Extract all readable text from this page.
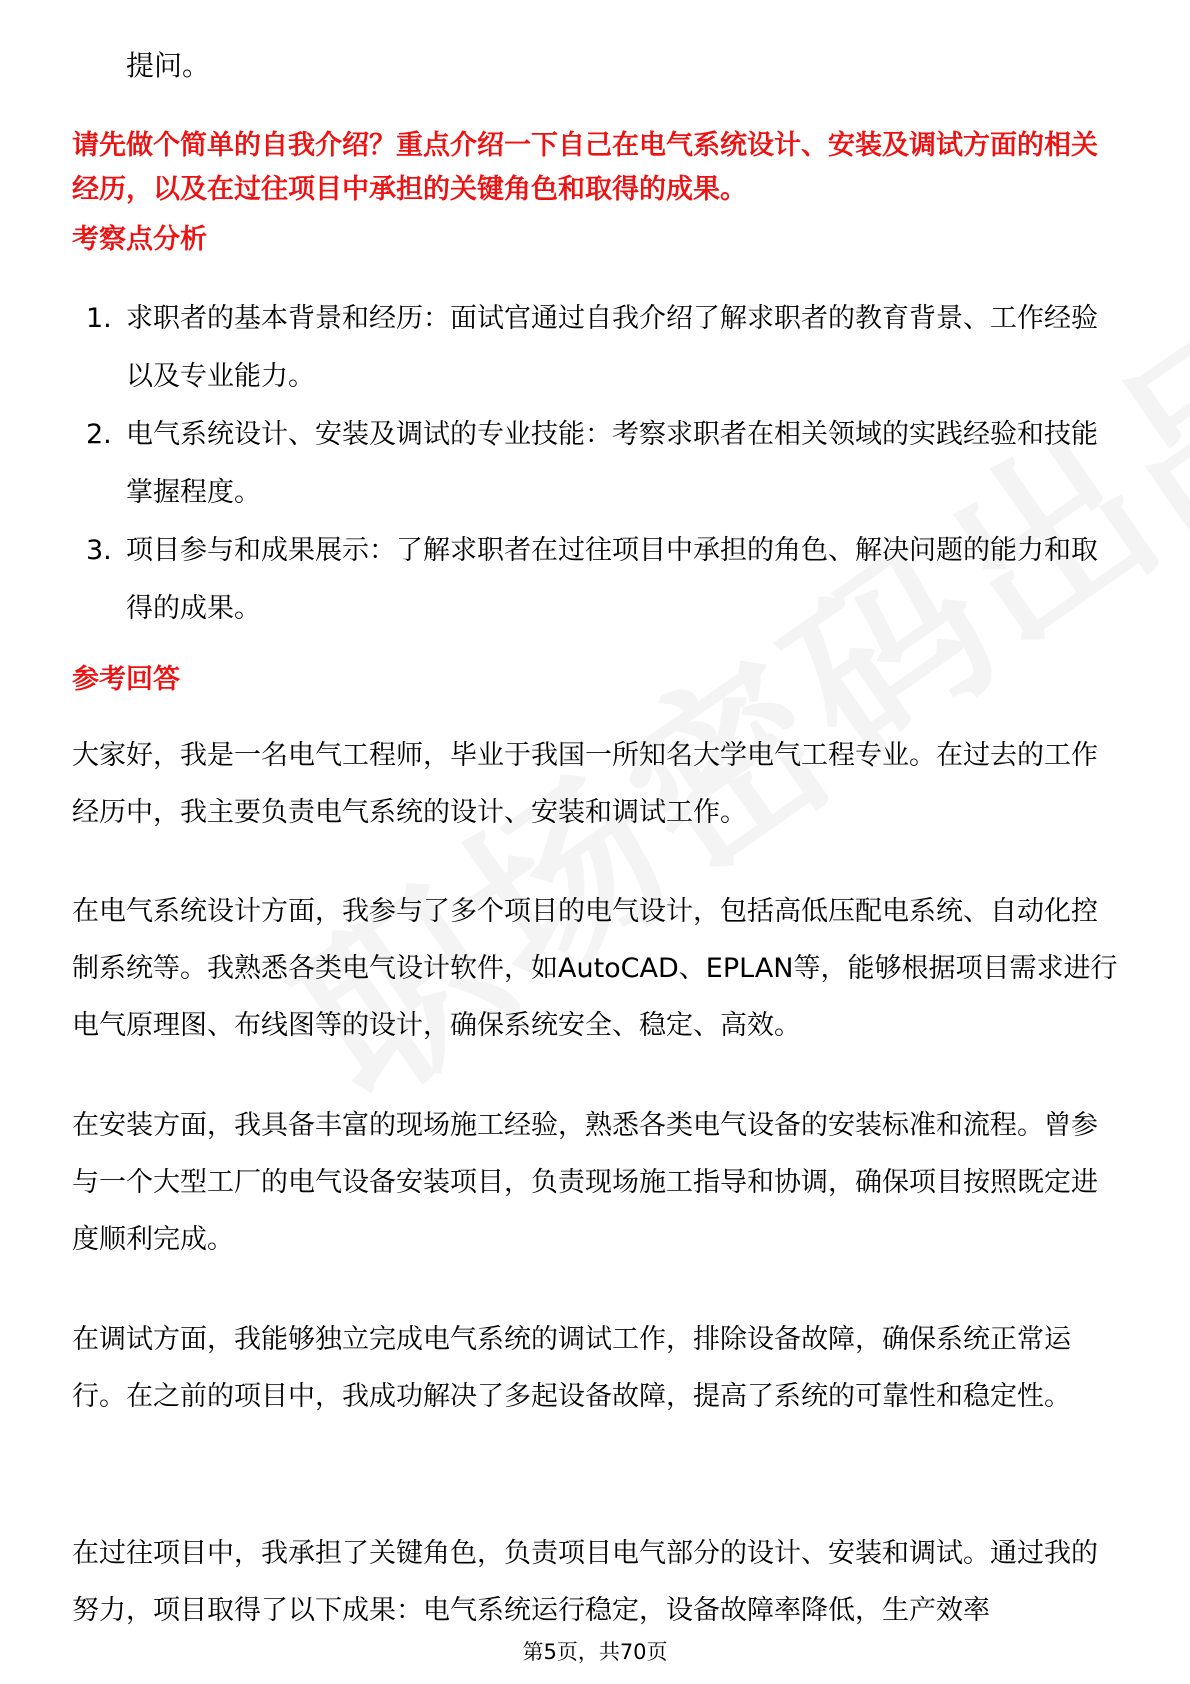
提问。
请先做个简单的自我介绍？重点介绍一下自己在电气系统设计、安装及调试方面的相关经历，以及在过往项目中承担的关键角色和取得的成果。
考察点分析
1. 求职者的基本背景和经历：面试官通过自我介绍了解求职者的教育背景、工作经验以及专业能力。
2. 电气系统设计、安装及调试的专业技能：考察求职者在相关领域的实践经验和技能掌握程度。
3. 项目参与和成果展示：了解求职者在过往项目中承担的角色、解决问题的能力和取得的成果。
参考回答

大家好，我是一名电气工程师，毕业于我国一所知名大学电气工程专业。在过去的工作经历中，我主要负责电气系统的设计、安装和调试工作。

在电气系统设计方面，我参与了多个项目的电气设计，包括高低压配电系统、自动化控制系统等。我熟悉各类电气设计软件，如AutoCAD、EPLAN等，能够根据项目需求进行电气原理图、布线图等的设计，确保系统安全、稳定、高效。

在安装方面，我具备丰富的现场施工经验，熟悉各类电气设备的安装标准和流程。曾参与一个大型工厂的电气设备安装项目，负责现场施工指导和协调，确保项目按照既定进度顺利完成。

在调试方面，我能够独立完成电气系统的调试工作，排除设备故障，确保系统正常运行。在之前的项目中，我成功解决了多起设备故障，提高了系统的可靠性和稳定性。

在过往项目中，我承担了关键角色，负责项目电气部分的设计、安装和调试。通过我的努力，项目取得了以下成果：电气系统运行稳定，设备故障率降低，生产效率

第5页，共70页
